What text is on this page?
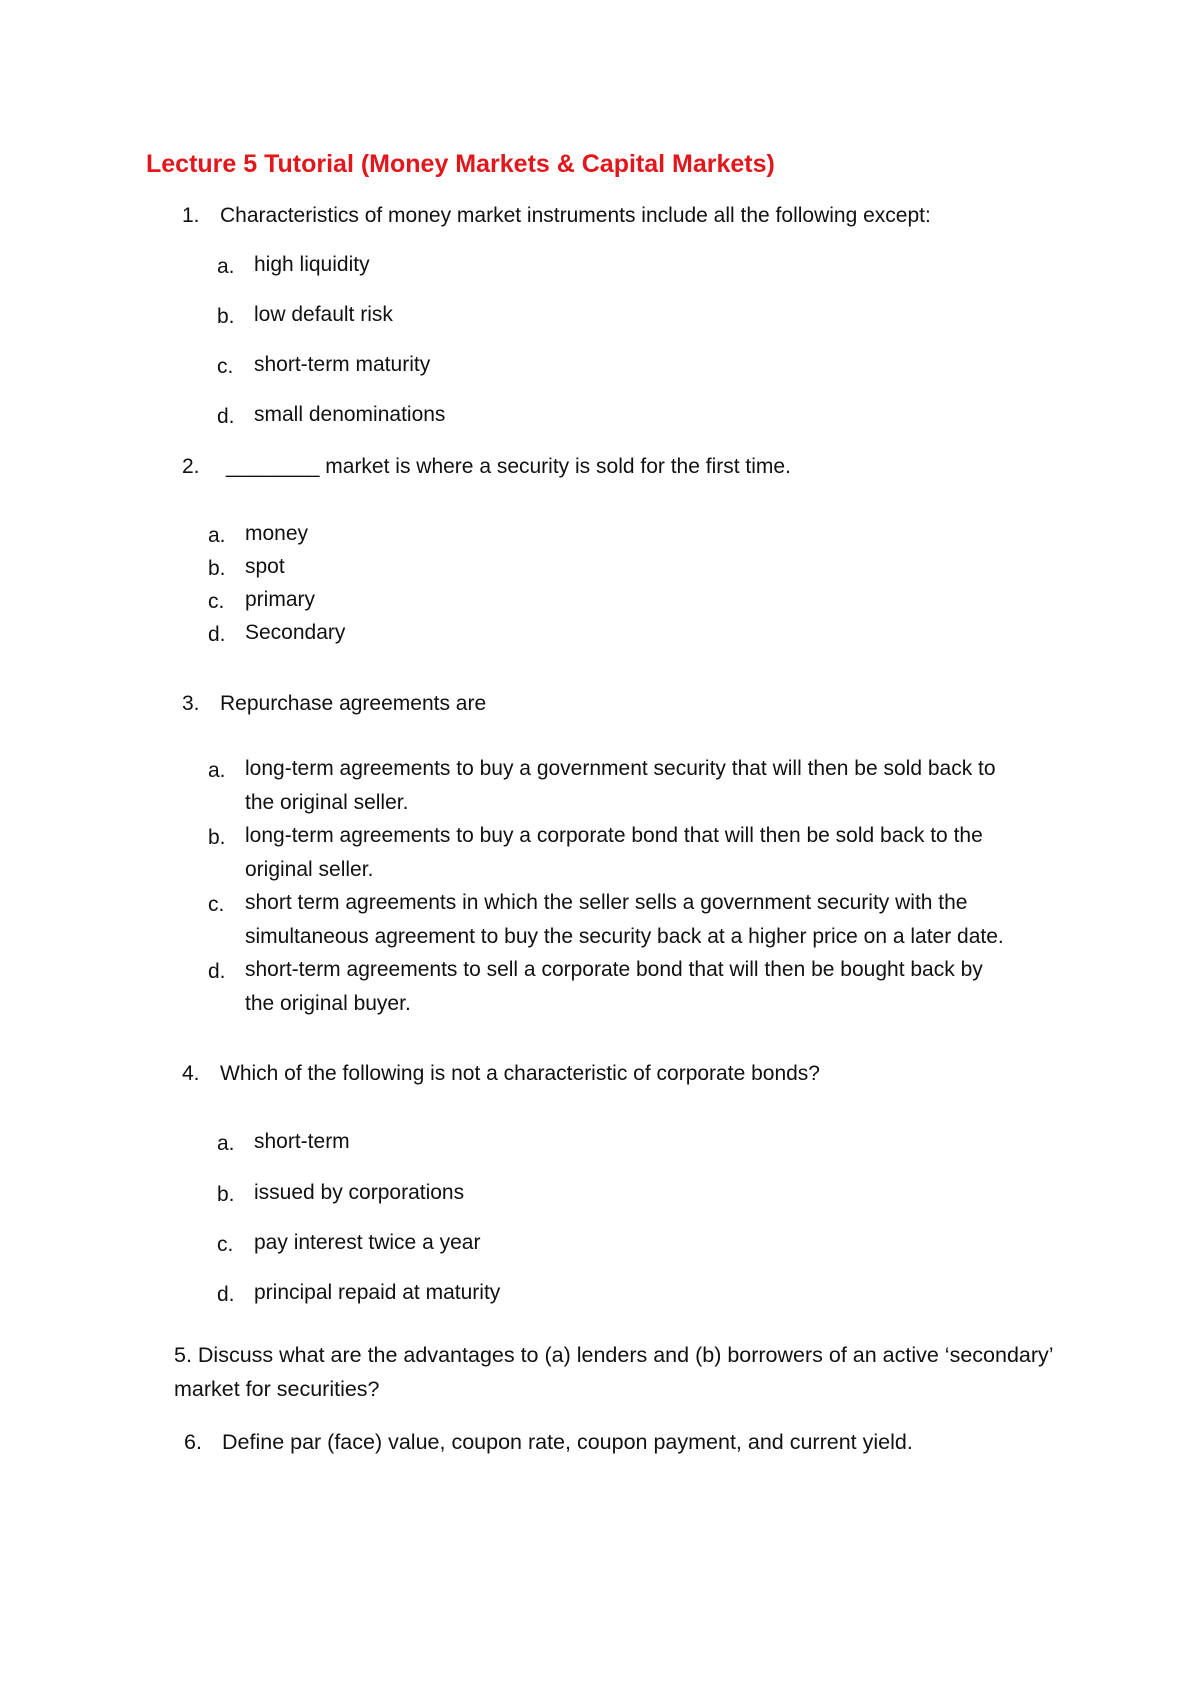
Lecture 5 Tutorial (Money Markets & Capital Markets)
1. Characteristics of money market instruments include all the following except:
a. high liquidity
b. low default risk
c. short-term maturity
d. small denominations
2. ________ market is where a security is sold for the first time.
a. money
b. spot
c. primary
d. Secondary
3. Repurchase agreements are
a. long-term agreements to buy a government security that will then be sold back to
the original seller.
b. long-term agreements to buy a corporate bond that will then be sold back to the
original seller.
c. short term agreements in which the seller sells a government security with the
simultaneous agreement to buy the security back at a higher price on a later date.
d. short-term agreements to sell a corporate bond that will then be bought back by
the original buyer.
4. Which of the following is not a characteristic of corporate bonds?
a. short-term
b. issued by corporations
c. pay interest twice a year
d. principal repaid at maturity
5. Discuss what are the advantages to (a) lenders and (b) borrowers of an active ‘secondary’ market for securities?
6. Define par (face) value, coupon rate, coupon payment, and current yield.
